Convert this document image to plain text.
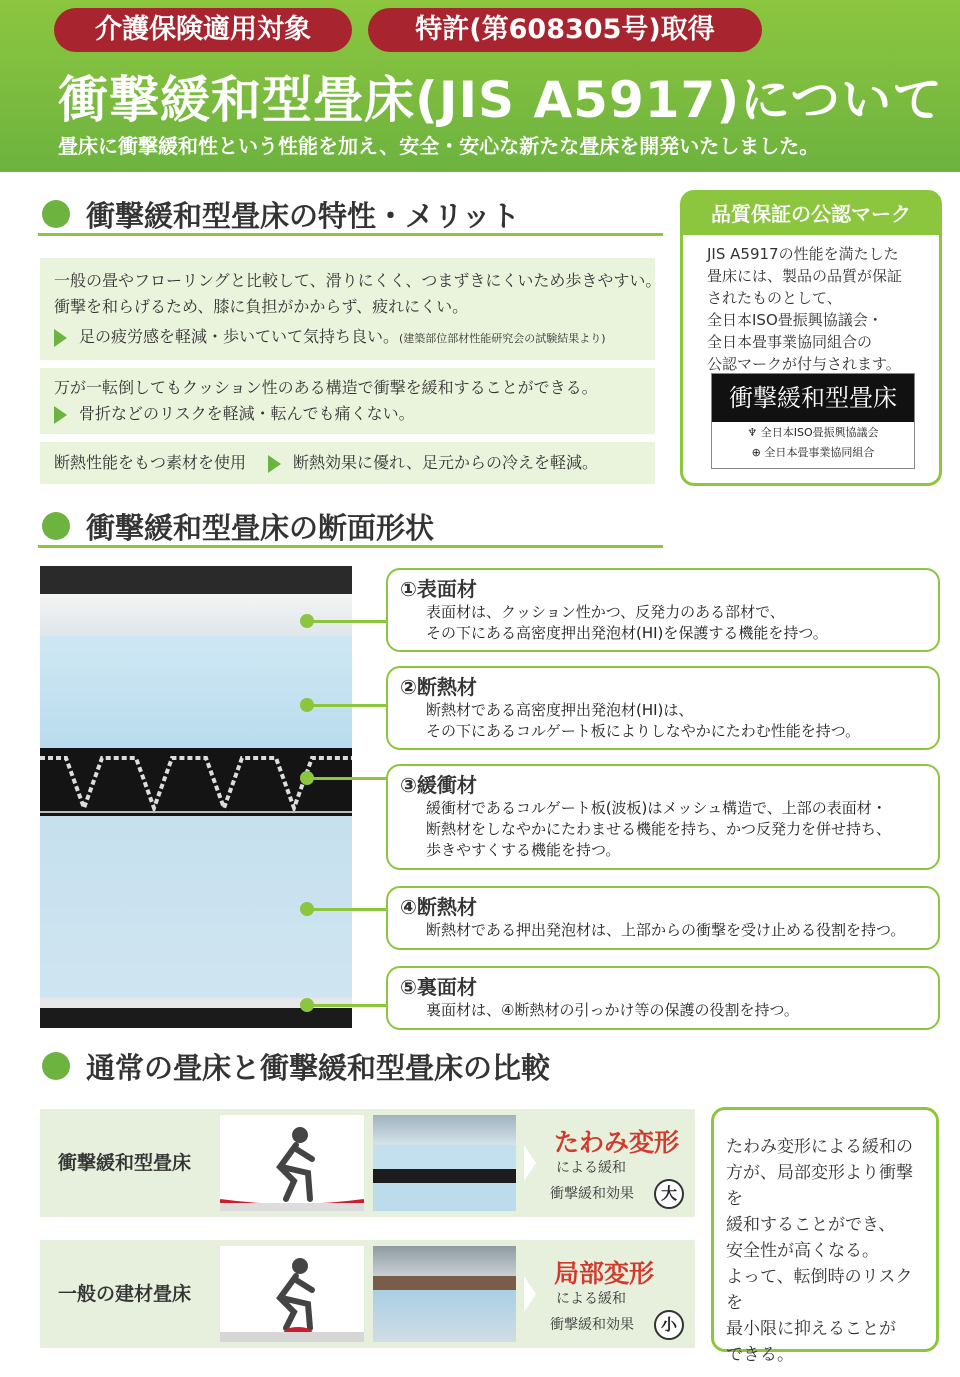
介護保険適用対象	特許(第608305号)取得
衝撃緩和型畳床(JIS A5917)について
畳床に衝撃緩和性という性能を加え、安全・安心な新たな畳床を開発いたしました。
衝撃緩和型畳床の特性・メリット
一般の畳やフローリングと比較して、滑りにくく、つまずきにくいため歩きやすい。
衝撃を和らげるため、膝に負担がかからず、疲れにくい。
足の疲労感を軽減・歩いていて気持ち良い。(建築部位部材性能研究会の試験結果より)
万が一転倒してもクッション性のある構造で衝撃を緩和することができる。
骨折などのリスクを軽減・転んでも痛くない。
断熱性能をもつ素材を使用	断熱効果に優れ、足元からの冷えを軽減。
品質保証の公認マーク
JIS A5917の性能を満たした
畳床には、製品の品質が保証
されたものとして、
全日本ISO畳振興協議会・
全日本畳事業協同組合の
公認マークが付与されます。
衝撃緩和型畳床
♆ 全日本ISO畳振興協議会
⊕ 全日本畳事業協同組合
衝撃緩和型畳床の断面形状
①表面材
表面材は、クッション性かつ、反発力のある部材で、
その下にある高密度押出発泡材(HI)を保護する機能を持つ。
②断熱材
断熱材である高密度押出発泡材(HI)は、
その下にあるコルゲート板によりしなやかにたわむ性能を持つ。
③緩衝材
緩衝材であるコルゲート板(波板)はメッシュ構造で、上部の表面材・
断熱材をしなやかにたわませる機能を持ち、かつ反発力を併せ持ち、
歩きやすくする機能を持つ。
④断熱材
断熱材である押出発泡材は、上部からの衝撃を受け止める役割を持つ。
⑤裏面材
裏面材は、④断熱材の引っかけ等の保護の役割を持つ。
通常の畳床と衝撃緩和型畳床の比較
衝撃緩和型畳床
たわみ変形
による緩和
衝撃緩和効果	大
一般の建材畳床
局部変形
による緩和
衝撃緩和効果	小
たわみ変形による緩和の
方が、局部変形より衝撃を
緩和することができ、
安全性が高くなる。
よって、転倒時のリスクを
最小限に抑えることが
できる。
